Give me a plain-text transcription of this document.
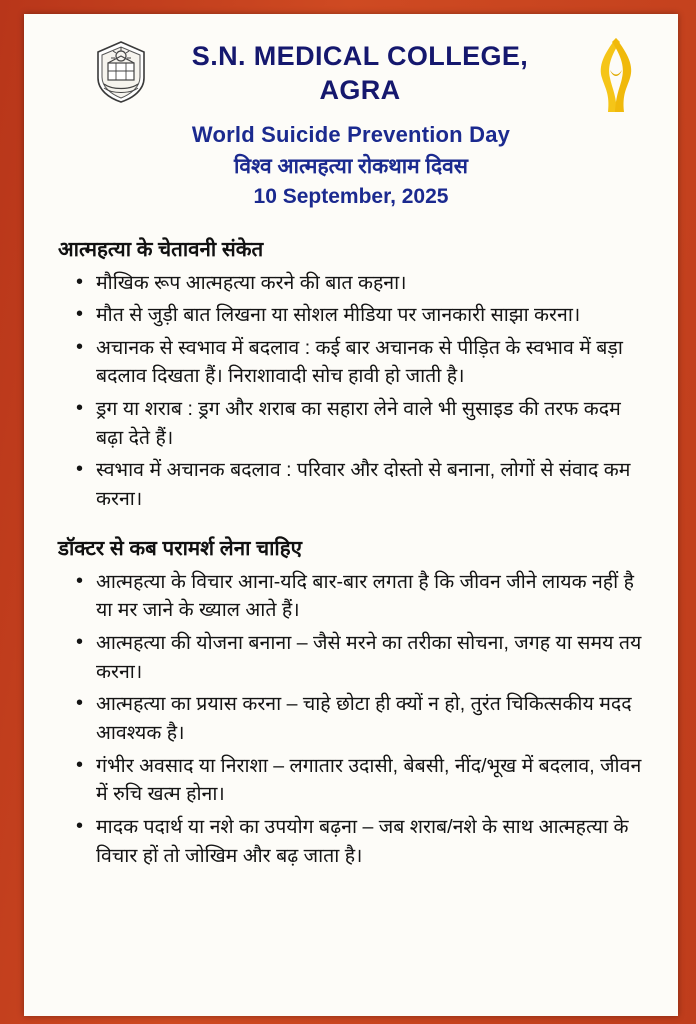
S.N. MEDICAL COLLEGE,
AGRA
World Suicide Prevention Day
विश्व आत्महत्या रोकथाम दिवस
10 September, 2025
आत्महत्या के चेतावनी संकेत
• मौखिक रूप आत्महत्या करने की बात कहना।
• मौत से जुड़ी बात लिखना या सोशल मीडिया पर जानकारी साझा करना।
• अचानक से स्वभाव में बदलाव : कई बार अचानक से पीड़ित के स्वभाव में बड़ा बदलाव दिखता हैं। निराशावादी सोच हावी हो जाती है।
• ड्रग या शराब : ड्रग और शराब का सहारा लेने वाले भी सुसाइड की तरफ कदम बढ़ा देते हैं।
• स्वभाव में अचानक बदलाव : परिवार और दोस्तो से बनाना, लोगों से संवाद कम करना।
डॉक्टर से कब परामर्श लेना चाहिए
• आत्महत्या के विचार आना-यदि बार-बार लगता है कि जीवन जीने लायक नहीं है या मर जाने के ख्याल आते हैं।
• आत्महत्या की योजना बनाना – जैसे मरने का तरीका सोचना, जगह या समय तय करना।
• आत्महत्या का प्रयास करना – चाहे छोटा ही क्यों न हो, तुरंत चिकित्सकीय मदद आवश्यक है।
• गंभीर अवसाद या निराशा – लगातार उदासी, बेबसी, नींद/भूख में बदलाव, जीवन में रुचि खत्म होना।
• मादक पदार्थ या नशे का उपयोग बढ़ना – जब शराब/नशे के साथ आत्महत्या के विचार हों तो जोखिम और बढ़ जाता है।
